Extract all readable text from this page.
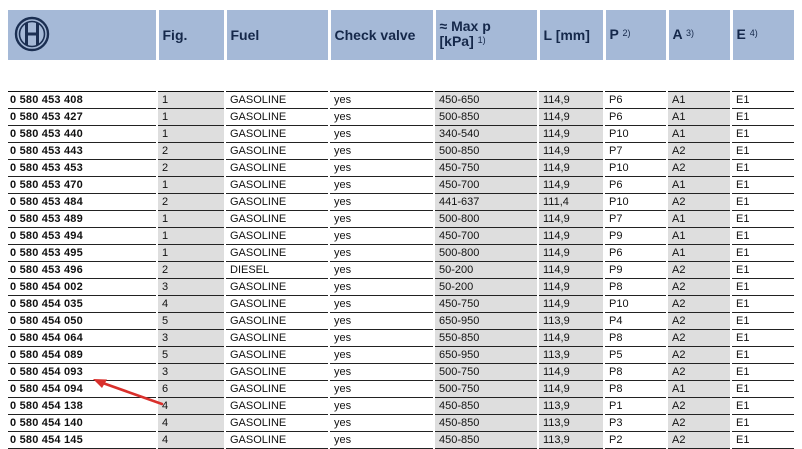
	Fig.	Fuel	Check valve	≈ Max p
[kPa] $^{1)}$	L [mm]	P $^{2)}$	A $^{3)}$	E $^{4)}$

0 580 453 408	1	GASOLINE	yes	450-650	114,9	P6	A1	E1
0 580 453 427	1	GASOLINE	yes	500-850	114,9	P6	A1	E1
0 580 453 440	1	GASOLINE	yes	340-540	114,9	P10	A1	E1
0 580 453 443	2	GASOLINE	yes	500-850	114,9	P7	A2	E1
0 580 453 453	2	GASOLINE	yes	450-750	114,9	P10	A2	E1
0 580 453 470	1	GASOLINE	yes	450-700	114,9	P6	A1	E1
0 580 453 484	2	GASOLINE	yes	441-637	111,4	P10	A2	E1
0 580 453 489	1	GASOLINE	yes	500-800	114,9	P7	A1	E1
0 580 453 494	1	GASOLINE	yes	450-700	114,9	P9	A1	E1
0 580 453 495	1	GASOLINE	yes	500-800	114,9	P6	A1	E1
0 580 453 496	2	DIESEL	yes	50-200	114,9	P9	A2	E1
0 580 454 002	3	GASOLINE	yes	50-200	114,9	P8	A2	E1
0 580 454 035	4	GASOLINE	yes	450-750	114,9	P10	A2	E1
0 580 454 050	5	GASOLINE	yes	650-950	113,9	P4	A2	E1
0 580 454 064	3	GASOLINE	yes	550-850	114,9	P8	A2	E1
0 580 454 089	5	GASOLINE	yes	650-950	113,9	P5	A2	E1
0 580 454 093	3	GASOLINE	yes	500-750	114,9	P8	A2	E1
0 580 454 094	6	GASOLINE	yes	500-750	114,9	P8	A1	E1
0 580 454 138	4	GASOLINE	yes	450-850	113,9	P1	A2	E1
0 580 454 140	4	GASOLINE	yes	450-850	113,9	P3	A2	E1
0 580 454 145	4	GASOLINE	yes	450-850	113,9	P2	A2	E1
